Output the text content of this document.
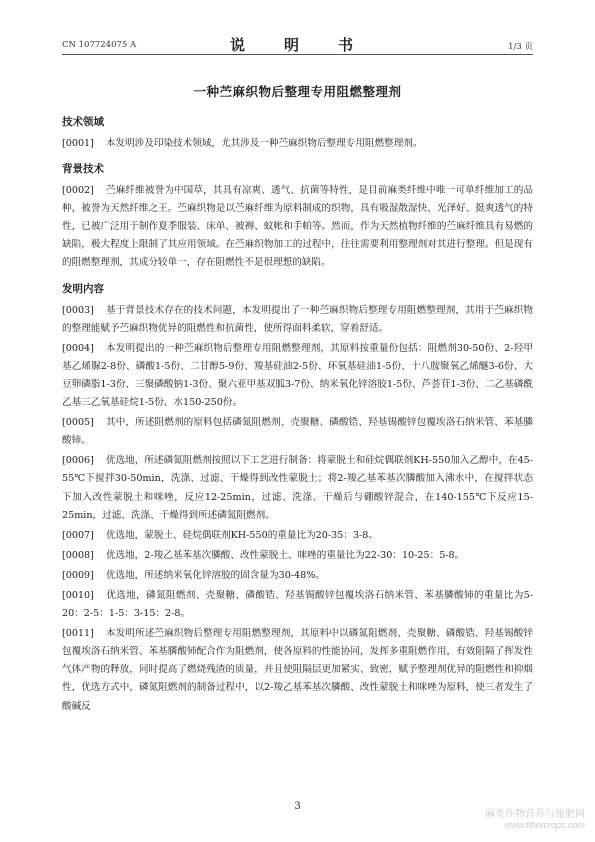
CN 107724075 A	说　明　书	1/3 页
一种苎麻织物后整理专用阻燃整理剂
技术领域

[0001] 本发明涉及印染技术领域，尤其涉及一种苎麻织物后整理专用阻燃整理剂。

背景技术

[0002] 苎麻纤维被誉为中国草，其具有凉爽、透气、抗菌等特性，是目前麻类纤维中唯一可单纤维加工的品种，被誉为天然纤维之王。苎麻织物是以苎麻纤维为原料制成的织物，具有吸湿散湿快、光泽好、挺爽透气的特性，已被广泛用于制作夏季服装、床单、被褥、蚊帐和手帕等。然而，作为天然植物纤维的苎麻纤维具有易燃的缺陷，极大程度上限制了其应用领域。在苎麻织物加工的过程中，往往需要利用整理剂对其进行整理。但是现有的阻燃整理剂，其成分较单一，存在阻燃性不是很理想的缺陷。

发明内容

[0003] 基于背景技术存在的技术问题，本发明提出了一种苎麻织物后整理专用阻燃整理剂，其用于苎麻织物的整理能赋予苎麻织物优异的阻燃性和抗菌性，使所得面料柔软，穿着舒适。

[0004] 本发明提出的一种苎麻织物后整理专用阻燃整理剂，其原料按重量份包括：阻燃剂30-50份、2-羟甲基乙烯脲2-8份、磷酸1-5份、二甘醇5-9份、羧基硅油2-5份、环氧基硅油1-5份、十八胺聚氧乙烯醚3-6份、大豆卵磷脂1-3份、三聚磷酸钠1-3份、聚六亚甲基双胍3-7份、纳米氧化锌溶胶1-5份、芦荟苷1-3份、二乙基磷酰乙基三乙氧基硅烷1-5份、水150-250份。

[0005] 其中，所述阻燃剂的原料包括磷氮阻燃剂、壳聚糖、磷酸锆、羟基锡酸锌包覆埃洛石纳米管、苯基膦酸铈。

[0006] 优选地，所述磷氮阻燃剂按照以下工艺进行制备：将蒙脱土和硅烷偶联剂KH-550加入乙醇中，在45-55℃下搅拌30-50min，洗涤、过滤、干燥得到改性蒙脱土；将2-羧乙基苯基次膦酸加入沸水中，在搅拌状态下加入改性蒙脱土和咪唑，反应12-25min，过滤、洗涤、干燥后与硼酸锌混合，在140-155℃下反应15-25min，过滤、洗涤、干燥得到所述磷氮阻燃剂。

[0007] 优选地，蒙脱土、硅烷偶联剂KH-550的重量比为20-35：3-8。

[0008] 优选地，2-羧乙基苯基次膦酸、改性蒙脱土、咪唑的重量比为22-30：10-25：5-8。

[0009] 优选地，所述纳米氧化锌溶胶的固含量为30-48%。

[0010] 优选地，磷氮阻燃剂、壳聚糖、磷酸锆、羟基锡酸锌包覆埃洛石纳米管、苯基膦酸铈的重量比为5-20：2-5：1-5：3-15：2-8。

[0011] 本发明所述苎麻织物后整理专用阻燃整理剂，其原料中以磷氮阻燃剂、壳聚糖、磷酸锆、羟基锡酸锌包覆埃洛石纳米管、苯基膦酸铈配合作为阻燃剂，使各原料的性能协同，发挥多重阻燃作用，有效阻隔了挥发性气体产物的释放，同时提高了燃烧残渣的质量，并且使阻隔层更加紧实、致密，赋予整理剂优异的阻燃性和抑烟性，优选方式中，磷氮阻燃剂的制备过程中，以2-羧乙基苯基次膦酸、改性蒙脱土和咪唑为原料，使三者发生了酸碱反

3
麻类作物营养与施肥网
www.fibercrops.com
